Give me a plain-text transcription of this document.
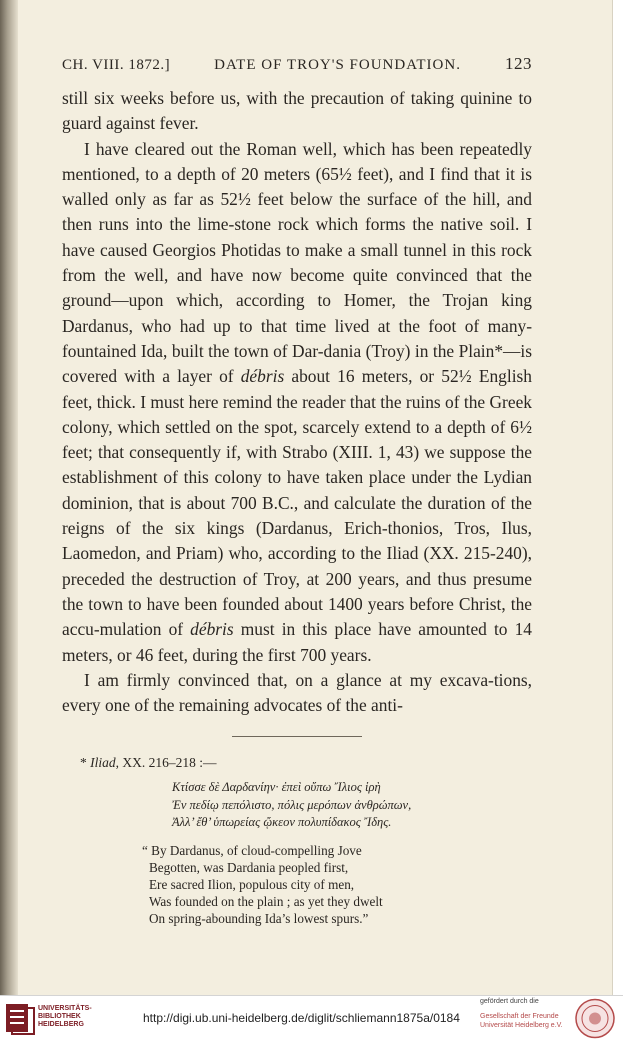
CH. VIII. 1872.]	DATE OF TROY'S FOUNDATION.	123

still six weeks before us, with the precaution of taking quinine to guard against fever.

I have cleared out the Roman well, which has been repeatedly mentioned, to a depth of 20 meters (65½ feet), and I find that it is walled only as far as 52½ feet below the surface of the hill, and then runs into the lime-stone rock which forms the native soil. I have caused Georgios Photidas to make a small tunnel in this rock from the well, and have now become quite convinced that the ground—upon which, according to Homer, the Trojan king Dardanus, who had up to that time lived at the foot of many-fountained Ida, built the town of Dar-dania (Troy) in the Plain*—is covered with a layer of débris about 16 meters, or 52½ English feet, thick. I must here remind the reader that the ruins of the Greek colony, which settled on the spot, scarcely extend to a depth of 6½ feet; that consequently if, with Strabo (XIII. 1, 43) we suppose the establishment of this colony to have taken place under the Lydian dominion, that is about 700 B.C., and calculate the duration of the reigns of the six kings (Dardanus, Erich-thonios, Tros, Ilus, Laomedon, and Priam) who, according to the Iliad (XX. 215-240), preceded the destruction of Troy, at 200 years, and thus presume the town to have been founded about 1400 years before Christ, the accu-mulation of débris must in this place have amounted to 14 meters, or 46 feet, during the first 700 years.

I am firmly convinced that, on a glance at my excava-tions, every one of the remaining advocates of the anti-

* Iliad, XX. 216–218 :—
Κτίσσε δὲ Δαρδανίην· ἐπεὶ οὔπω Ἴλιος ἱρὴ
Ἐν πεδίῳ πεπόλιστο, πόλις μερόπων ἀνθρώπων,
Ἀλλ’ ἔθ’ ὑπωρείας ᾤκεον πολυπίδακος Ἴδης.
“ By Dardanus, of cloud-compelling Jove
Begotten, was Dardania peopled first,
Ere sacred Ilion, populous city of men,
Was founded on the plain ; as yet they dwelt
On spring-abounding Ida’s lowest spurs.”
UNIVERSITÄTS-
BIBLIOTHEK
HEIDELBERG	http://digi.ub.uni-heidelberg.de/diglit/schliemann1875a/0184
gefördert durch die
Gesellschaft der Freunde
Universität Heidelberg e.V.
